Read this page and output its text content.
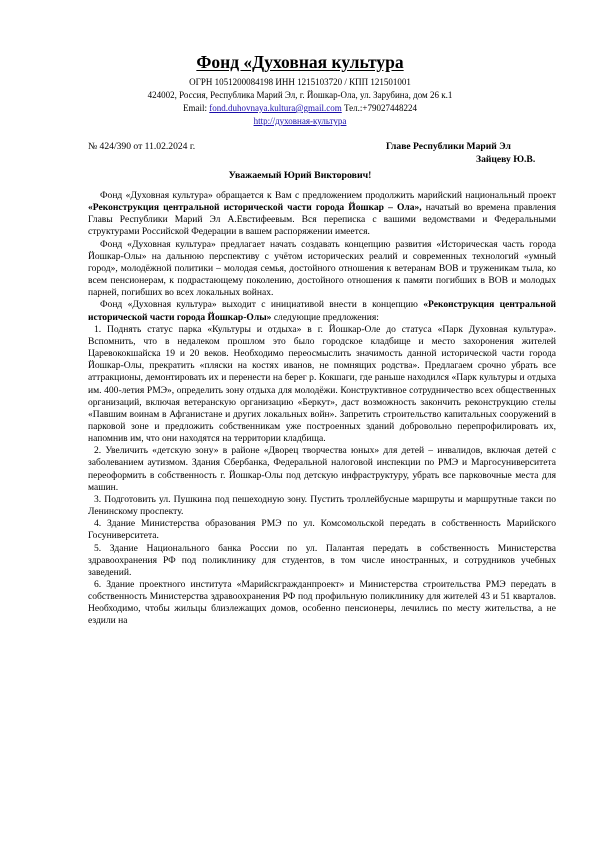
Фонд «Духовная культура
ОГРН 1051200084198 ИНН 1215103720 / КПП 121501001
424002, Россия, Республика Марий Эл, г. Йошкар-Ола, ул. Зарубина, дом 26 к.1
Email: fond.duhovnaya.kultura@gmail.com Тел.:+79027448224
http://духовная-культура
№ 424/390 от 11.02.2024 г.	Главе Республики Марий Эл
Зайцеву Ю.В.
Уважаемый Юрий Викторович!

Фонд «Духовная культура» обращается к Вам с предложением продолжить марийский национальный проект «Реконструкция центральной исторической части города Йошкар – Ола», начатый во времена правления Главы Республики Марий Эл А.Евстифеевым. Вся переписка с вашими ведомствами и Федеральными структурами Российской Федерации в вашем распоряжении имеется.

Фонд «Духовная культура» предлагает начать создавать концепцию развития «Историческая часть города Йошкар-Олы» на дальнюю перспективу с учётом исторических реалий и современных технологий «умный город», молодёжной политики – молодая семья, достойного отношения к ветеранам ВОВ и труженикам тыла, ко всем пенсионерам, к подрастающему поколению, достойного отношения к памяти погибших в ВОВ и молодых парней, погибших во всех локальных войнах.

Фонд «Духовная культура» выходит с инициативой внести в концепцию «Реконструкция центральной исторической части города Йошкар-Олы» следующие предложения:

1. Поднять статус парка «Культуры и отдыха» в г. Йошкар-Оле до статуса «Парк Духовная культура». Вспомнить, что в недалеком прошлом это было городское кладбище и место захоронения жителей Царевококшайска 19 и 20 веков. Необходимо переосмыслить значимость данной исторической части города Йошкар-Олы, прекратить «пляски на костях иванов, не помнящих родства». Предлагаем срочно убрать все аттракционы, демонтировать их и перенести на берег р. Кокшаги, где раньше находился «Парк культуры и отдыха им. 400-летия РМЭ», определить зону отдыха для молодёжи. Конструктивное сотрудничество всех общественных организаций, включая ветеранскую организацию «Беркут», даст возможность закончить реконструкцию стелы «Павшим воинам в Афганистане и других локальных войн». Запретить строительство капитальных сооружений в парковой зоне и предложить собственникам уже построенных зданий добровольно перепрофилировать их, напомнив им, что они находятся на территории кладбища.

2. Увеличить «детскую зону» в районе «Дворец творчества юных» для детей – инвалидов, включая детей с заболеванием аутизмом. Здания Сбербанка, Федеральной налоговой инспекции по РМЭ и Маргосуниверситета переоформить в собственность г. Йошкар-Олы под детскую инфраструктуру, убрать все парковочные места для машин.

3. Подготовить ул. Пушкина под пешеходную зону. Пустить троллейбусные маршруты и маршрутные такси по Ленинскому проспекту.

4. Здание Министерства образования РМЭ по ул. Комсомольской передать в собственность Марийского Госуниверситета.

5. Здание Национального банка России по ул. Палантая передать в собственность Министерства здравоохранения РФ под поликлинику для студентов, в том числе иностранных, и сотрудников учебных заведений.

6. Здание проектного института «Марийскгражданпроект» и Министерства строительства РМЭ передать в собственность Министерства здравоохранения РФ под профильную поликлинику для жителей 43 и 51 кварталов. Необходимо, чтобы жильцы близлежащих домов, особенно пенсионеры, лечились по месту жительства, а не ездили на
